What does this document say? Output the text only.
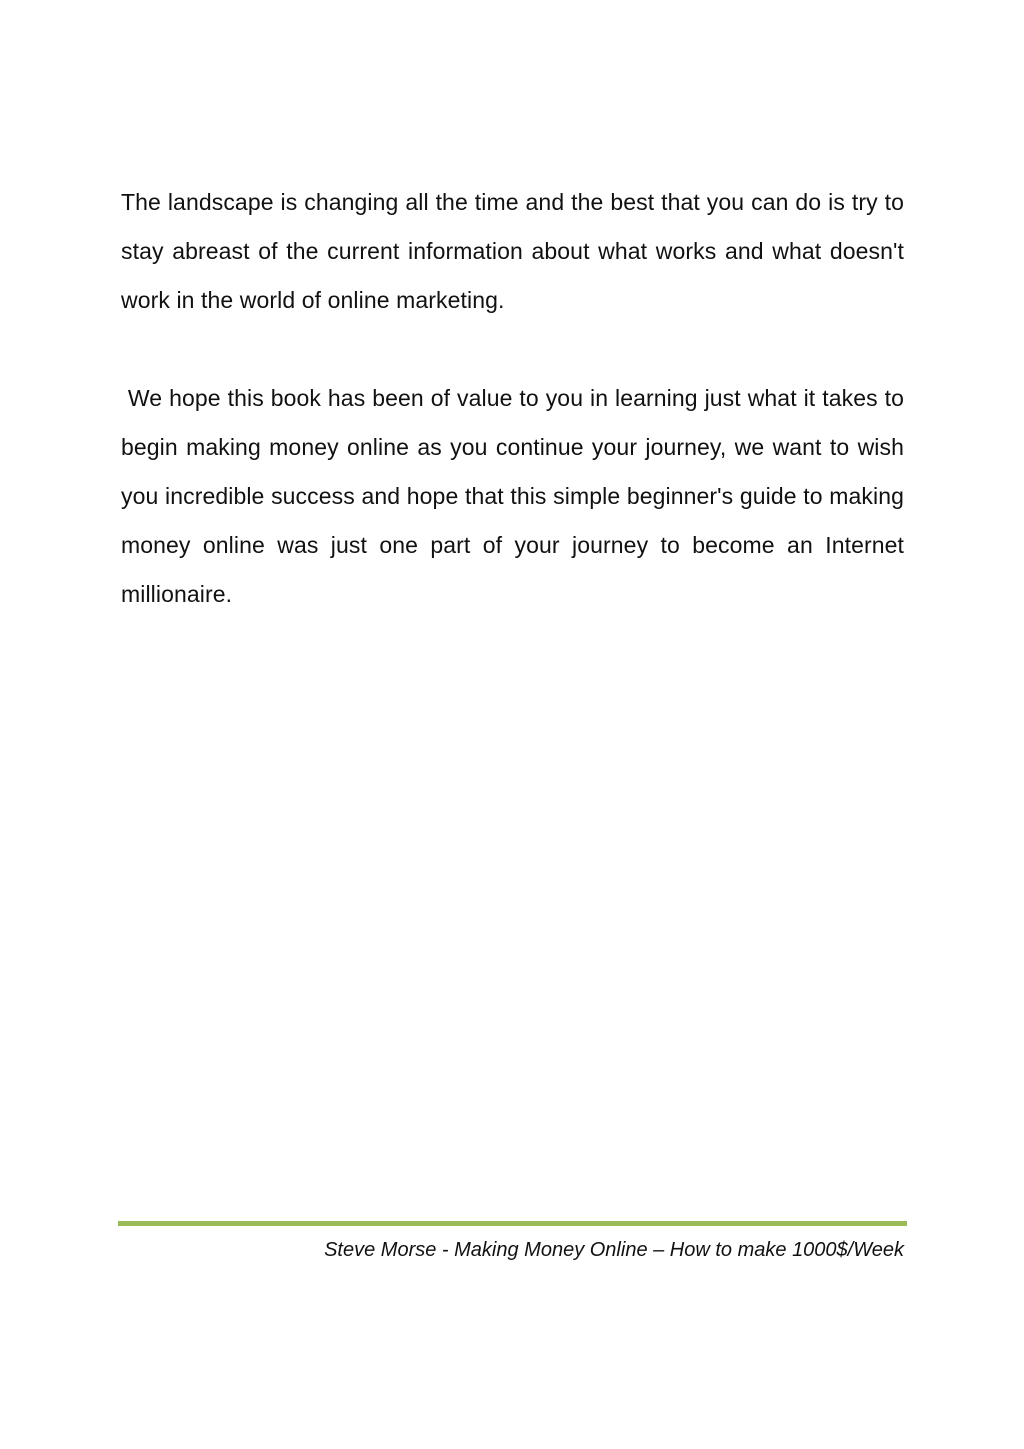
The landscape is changing all the time and the best that you can do is try to stay abreast of the current information about what works and what doesn't work in the world of online marketing.

We hope this book has been of value to you in learning just what it takes to begin making money online as you continue your journey, we want to wish you incredible success and hope that this simple beginner's guide to making money online was just one part of your journey to become an Internet millionaire.

Steve Morse - Making Money Online – How to make 1000$/Week
